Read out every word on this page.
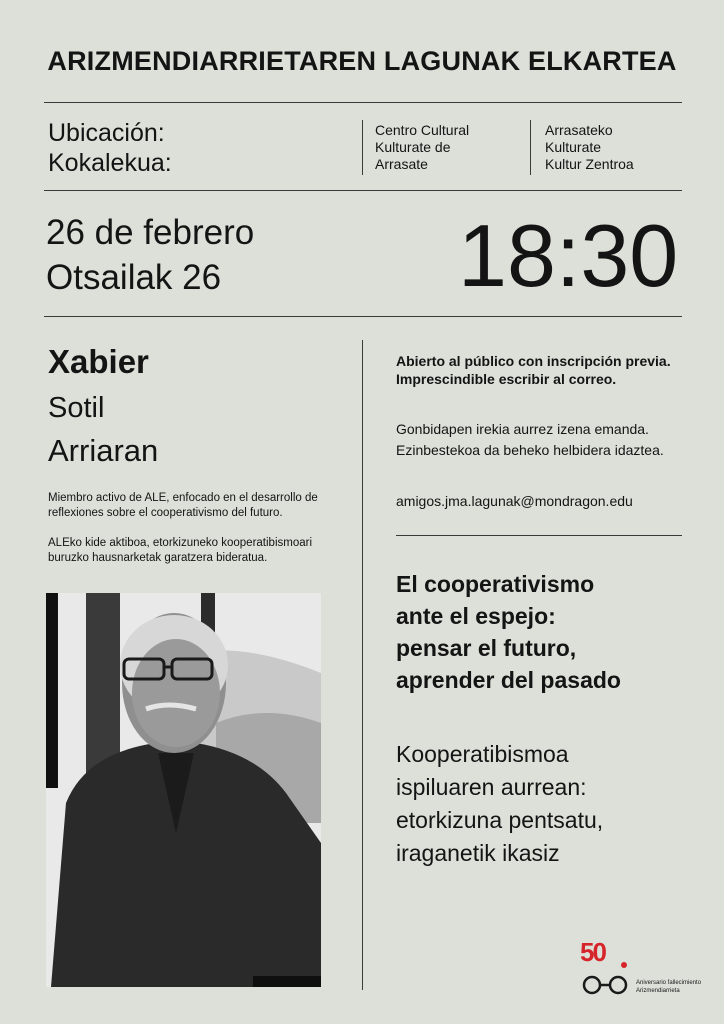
ARIZMENDIARRIETAREN LAGUNAK ELKARTEA
Ubicación:
Kokalekua:
Centro Cultural
Kulturate de
Arrasate
Arrasateko
Kulturate
Kultur Zentroa
26 de febrero
Otsailak 26	18:30
Xabier
Sotil
Arriaran
Miembro activo de ALE, enfocado en el desarrollo de reflexiones sobre el cooperativismo del futuro.
ALEko kide aktiboa, etorkizuneko kooperatibismoari buruzko hausnarketak garatzera bideratua.
Abierto al público con inscripción previa. Imprescindible escribir al correo.
Gonbidapen irekia aurrez izena emanda. Ezinbestekoa da beheko helbidera idaztea.
amigos.jma.lagunak@mondragon.edu
El cooperativismo
ante el espejo:
pensar el futuro,
aprender del pasado
Kooperatibismoa
ispiluaren aurrean:
etorkizuna pentsatu,
iraganetik ikasiz
50
Aniversario fallecimiento
Arizmendiarrieta
